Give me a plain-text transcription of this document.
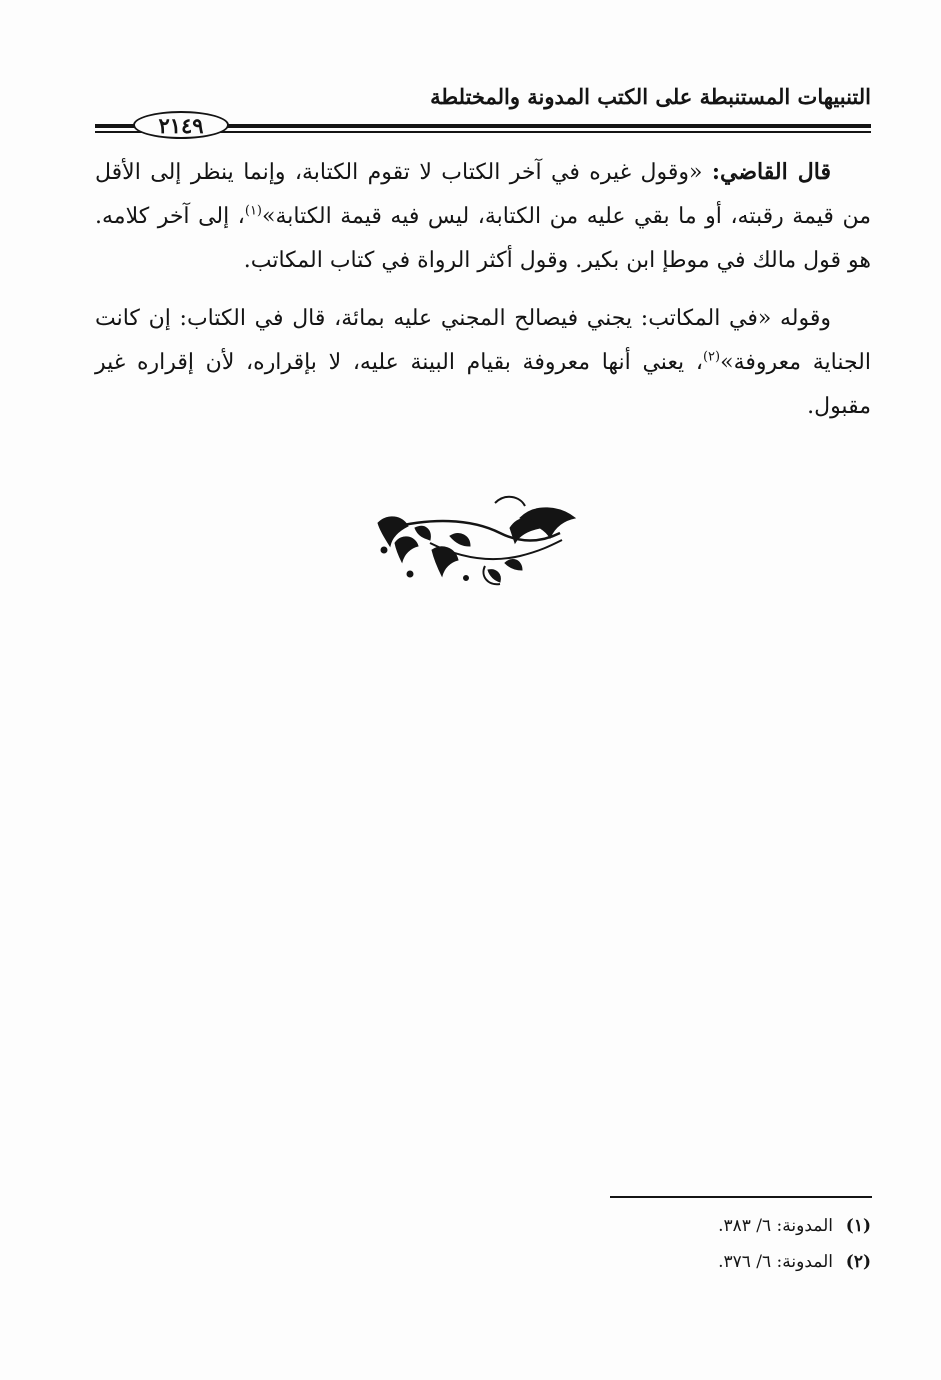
التنبيهات المستنبطة على الكتب المدونة والمختلطة
٢١٤٩

قال القاضي: «وقول غيره في آخر الكتاب لا تقوم الكتابة، وإنما ينظر إلى الأقل من قيمة رقبته، أو ما بقي عليه من الكتابة، ليس فيه قيمة الكتابة»$^{(١)}$، إلى آخر كلامه. هو قول مالك في موطإ ابن بكير. وقول أكثر الرواة في كتاب المكاتب.

وقوله «في المكاتب: يجني فيصالح المجني عليه بمائة، قال في الكتاب: إن كانت الجناية معروفة»$^{(٢)}$، يعني أنها معروفة بقيام البينة عليه، لا بإقراره، لأن إقراره غير مقبول.

(١)المدونة: ٦/ ٣٨٣.
(٢)المدونة: ٦/ ٣٧٦.
